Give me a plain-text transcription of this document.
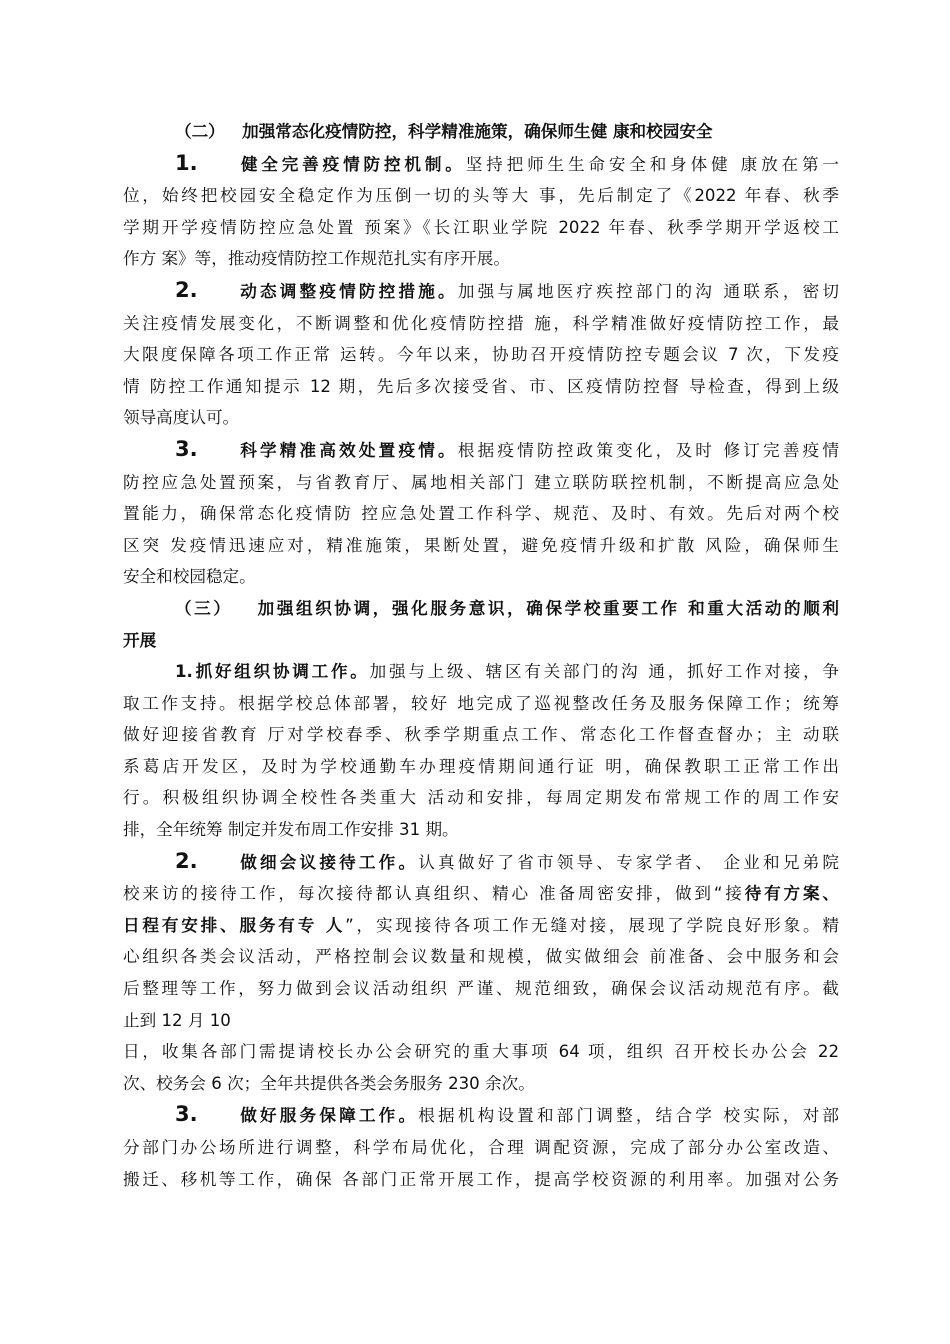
（二） 加强常态化疫情防控，科学精准施策，确保师生健 康和校园安全
1. 健全完善疫情防控机制。坚持把师生生命安全和身体健 康放在第一
位，始终把校园安全稳定作为压倒一切的头等大 事，先后制定了《2022 年春、秋季
学期开学疫情防控应急处置 预案》《长江职业学院 2022 年春、秋季学期开学返校工
作方 案》等，推动疫情防控工作规范扎实有序开展。
2. 动态调整疫情防控措施。加强与属地医疗疾控部门的沟 通联系，密切
关注疫情发展变化，不断调整和优化疫情防控措 施，科学精准做好疫情防控工作，最
大限度保障各项工作正常 运转。今年以来，协助召开疫情防控专题会议 7 次，下发疫
情 防控工作通知提示 12 期，先后多次接受省、市、区疫情防控督 导检查，得到上级
领导高度认可。
3. 科学精准高效处置疫情。根据疫情防控政策变化，及时 修订完善疫情
防控应急处置预案，与省教育厅、属地相关部门 建立联防联控机制，不断提高应急处
置能力，确保常态化疫情防 控应急处置工作科学、规范、及时、有效。先后对两个校
区突 发疫情迅速应对，精准施策，果断处置，避免疫情升级和扩散 风险，确保师生
安全和校园稳定。
（三） 加强组织协调，强化服务意识，确保学校重要工作 和重大活动的顺利
开展
1.抓好组织协调工作。加强与上级、辖区有关部门的沟 通，抓好工作对接，争
取工作支持。根据学校总体部署，较好 地完成了巡视整改任务及服务保障工作；统筹
做好迎接省教育 厅对学校春季、秋季学期重点工作、常态化工作督查督办；主 动联
系葛店开发区，及时为学校通勤车办理疫情期间通行证 明，确保教职工正常工作出
行。积极组织协调全校性各类重大 活动和安排，每周定期发布常规工作的周工作安
排，全年统筹 制定并发布周工作安排 31 期。
2. 做细会议接待工作。认真做好了省市领导、专家学者、 企业和兄弟院
校来访的接待工作，每次接待都认真组织、精心 准备周密安排，做到“接待有方案、
日程有安排、服务有专 人”，实现接待各项工作无缝对接，展现了学院良好形象。精
心组织各类会议活动，严格控制会议数量和规模，做实做细会 前准备、会中服务和会
后整理等工作，努力做到会议活动组织 严谨、规范细致，确保会议活动规范有序。截
止到 12 月 10
日，收集各部门需提请校长办公会研究的重大事项 64 项，组织 召开校长办公会 22
次、校务会 6 次；全年共提供各类会务服务 230 余次。
3. 做好服务保障工作。根据机构设置和部门调整，结合学 校实际，对部
分部门办公场所进行调整，科学布局优化，合理 调配资源，完成了部分办公室改造、
搬迁、移机等工作，确保 各部门正常开展工作，提高学校资源的利用率。加强对公务
